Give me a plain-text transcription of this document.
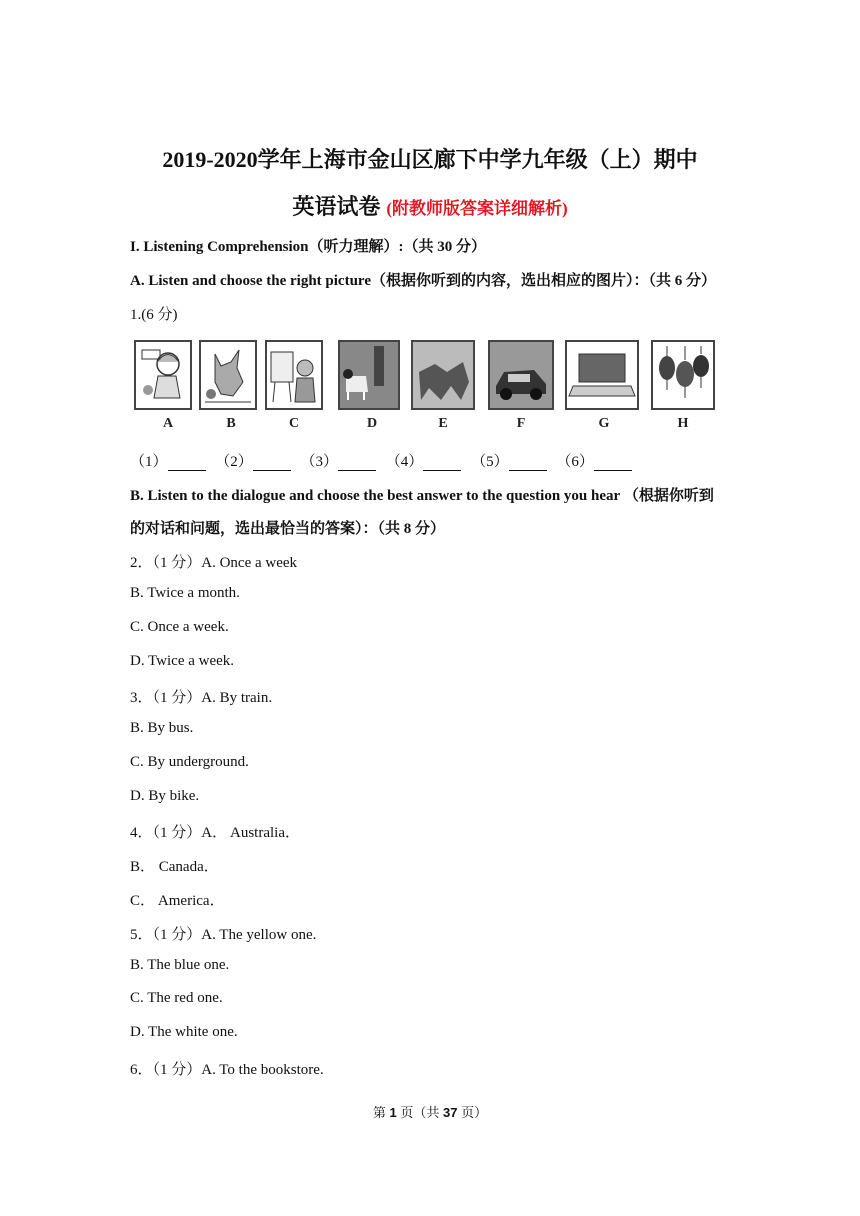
2019-2020学年上海市金山区廊下中学九年级（上）期中
英语试卷 (附教师版答案详细解析)
I. Listening Comprehension（听力理解）:（共 30 分）
A. Listen and choose the right picture（根据你听到的内容，选出相应的图片）：（共 6 分）
1.(6 分)
A	B	C	D	E	F	G	H
（1）	（2）	（3）	（4）	（5）	（6）
B. Listen to the dialogue and choose the best answer to the question you hear （根据你听到
的对话和问题，选出最恰当的答案）：（共 8 分）
2．（1 分）A. Once a week
B. Twice a month.
C. Once a week.
D. Twice a week.
3．（1 分）A. By train.
B. By bus.
C. By underground.
D. By bike.
4．（1 分）A． Australia．
B． Canada．
C． America．
5．（1 分）A. The yellow one.
B. The blue one.
C. The red one.
D. The white one.
6．（1 分）A. To the bookstore.
第 1 页（共 37 页）
